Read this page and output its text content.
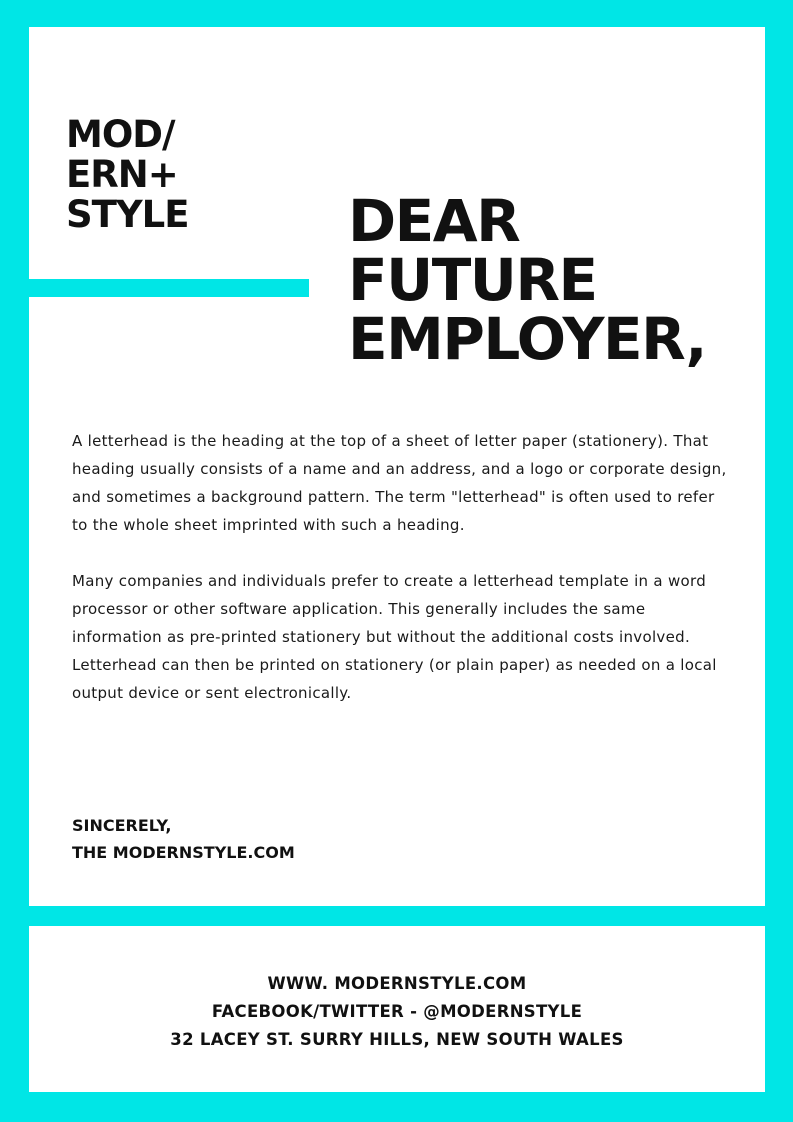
MOD/
ERN+
STYLE	DEAR
FUTURE
EMPLOYER,

A letterhead is the heading at the top of a sheet of letter paper (stationery). That heading usually consists of a name and an address, and a logo or corporate design, and sometimes a background pattern. The term "letterhead" is often used to refer to the whole sheet imprinted with such a heading.

Many companies and individuals prefer to create a letterhead template in a word processor or other software application. This generally includes the same information as pre-printed stationery but without the additional costs involved. Letterhead can then be printed on stationery (or plain paper) as needed on a local output device or sent electronically.

SINCERELY,
THE MODERNSTYLE.COM
WWW. MODERNSTYLE.COM
FACEBOOK/TWITTER - @MODERNSTYLE
32 LACEY ST. SURRY HILLS, NEW SOUTH WALES
